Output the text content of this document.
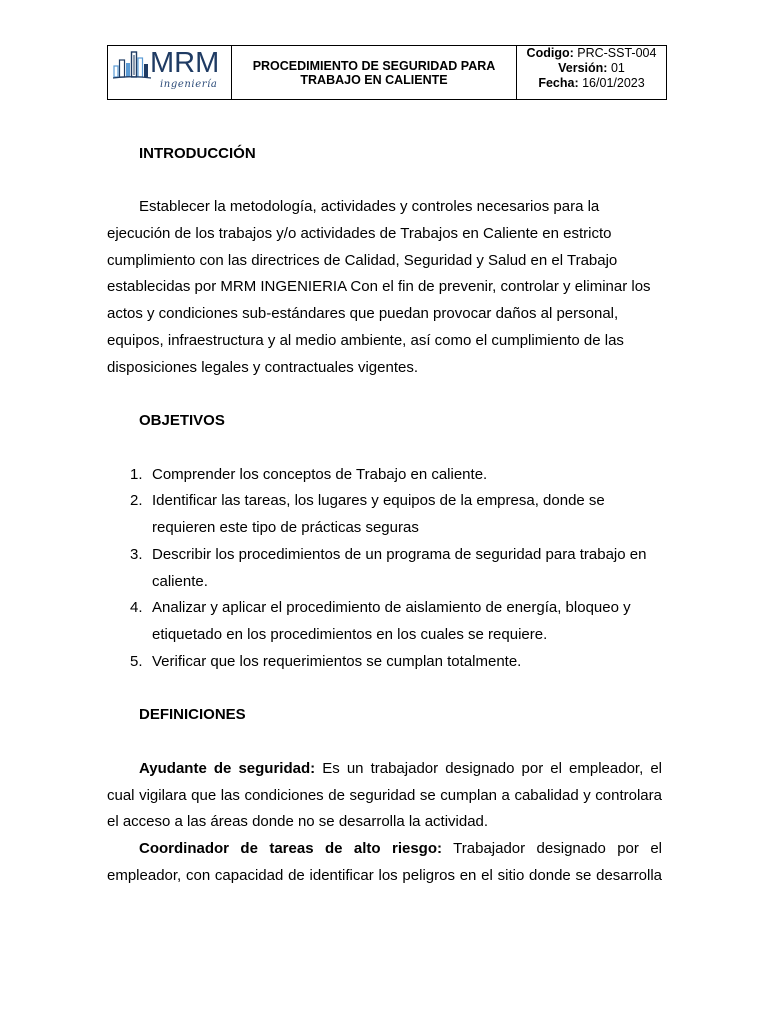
MRM
ingeniería
PROCEDIMIENTO DE SEGURIDAD PARA TRABAJO EN CALIENTE
Codigo: PRC-SST-004
Versión: 01
Fecha: 16/01/2023
INTRODUCCIÓN

Establecer la metodología, actividades y controles necesarios para la ejecución de los trabajos y/o actividades de Trabajos en Caliente en estricto cumplimiento con las directrices de Calidad, Seguridad y Salud en el Trabajo establecidas por MRM INGENIERIA Con el fin de prevenir, controlar y eliminar los actos y condiciones sub-estándares que puedan provocar daños al personal, equipos, infraestructura y al medio ambiente, así como el cumplimiento de las disposiciones legales y contractuales vigentes.

OBJETIVOS
1. Comprender los conceptos de Trabajo en caliente.
2. Identificar las tareas, los lugares y equipos de la empresa, donde se requieren este tipo de prácticas seguras
3. Describir los procedimientos de un programa de seguridad para trabajo en caliente.
4. Analizar y aplicar el procedimiento de aislamiento de energía, bloqueo y etiquetado en los procedimientos en los cuales se requiere.
5. Verificar que los requerimientos se cumplan totalmente.
DEFINICIONES

Ayudante de seguridad: Es un trabajador designado por el empleador, el cual vigilara que las condiciones de seguridad se cumplan a cabalidad y controlara el acceso a las áreas donde no se desarrolla la actividad.

Coordinador de tareas de alto riesgo: Trabajador designado por el empleador, con capacidad de identificar los peligros en el sitio donde se desarrolla
